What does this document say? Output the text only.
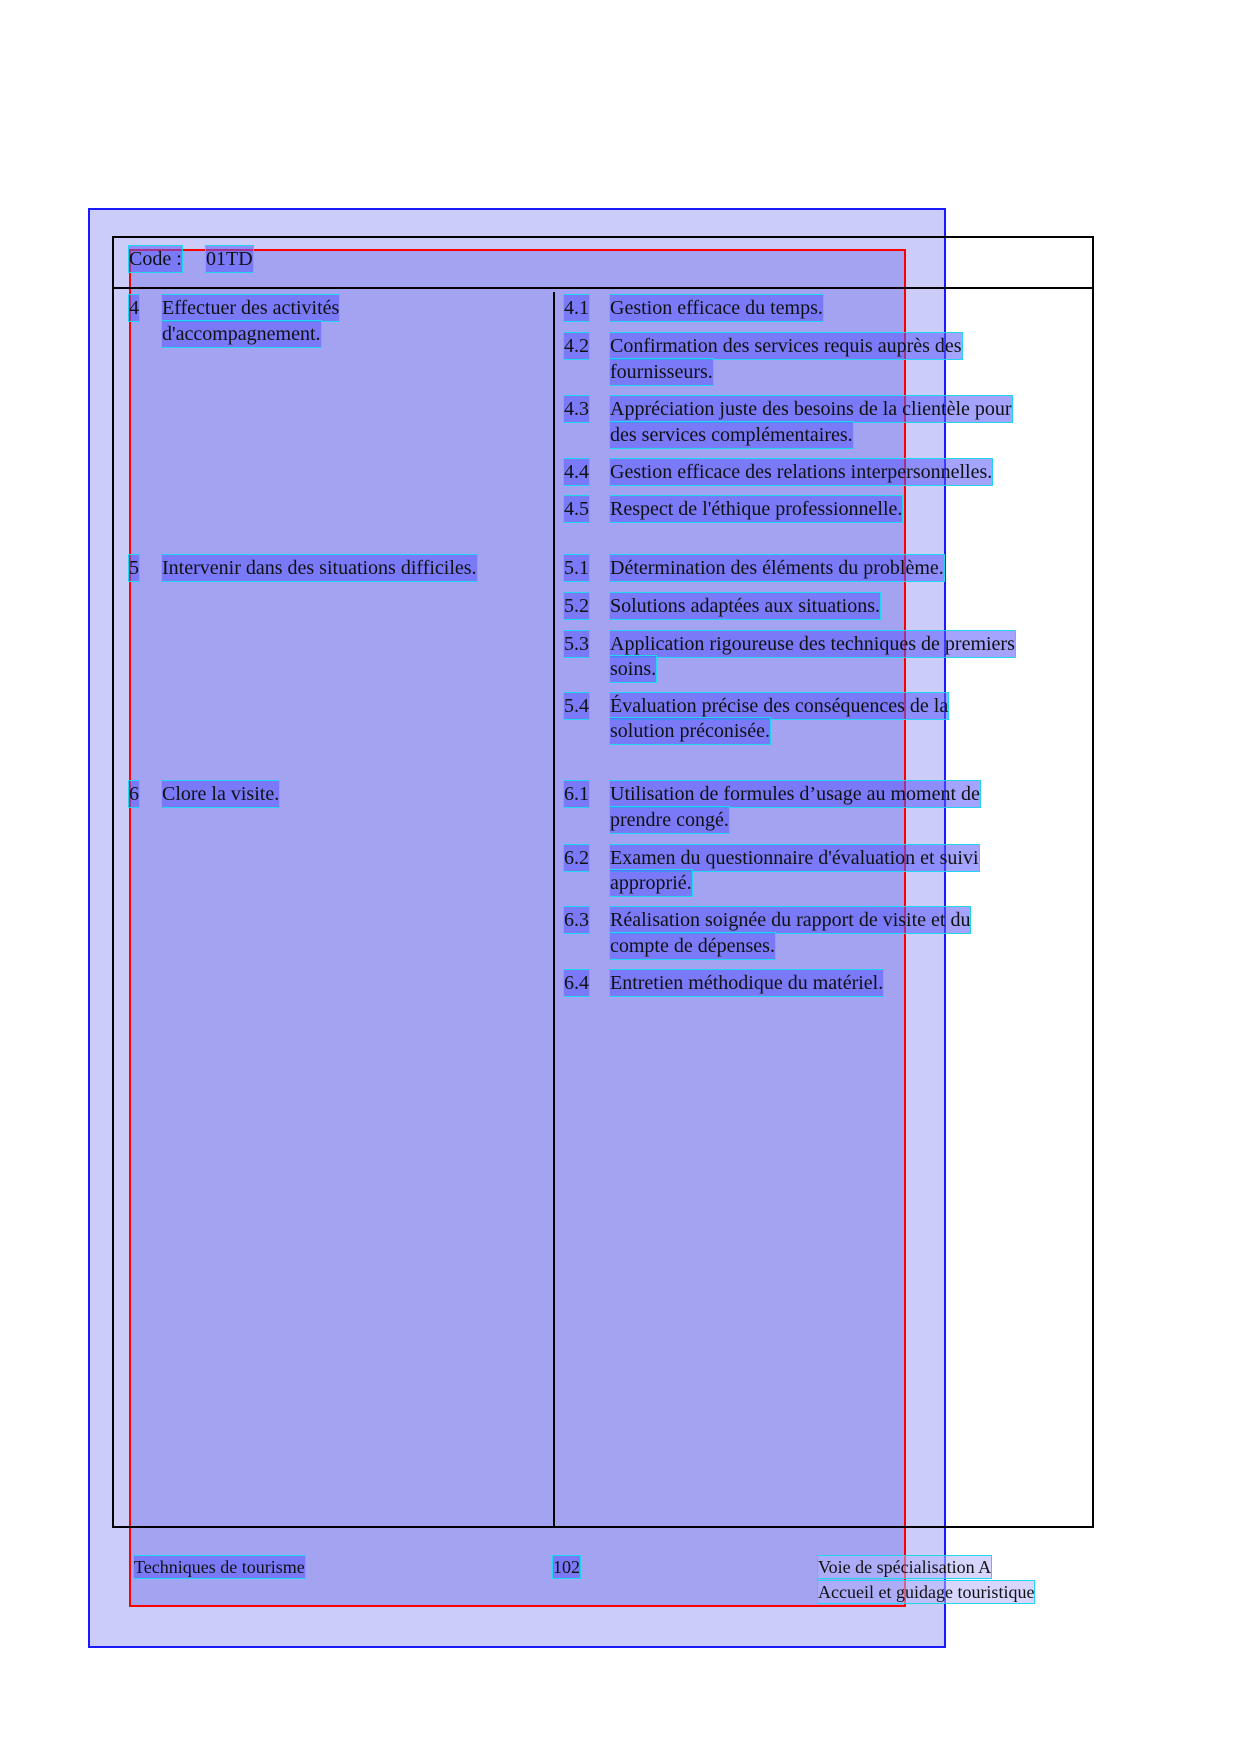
Code : 01TD
4 Effectuer des activités
d'accompagnement.
5 Intervenir dans des situations difficiles.
6 Clore la visite.
4.1 Gestion efficace du temps.
4.2 Confirmation des services requis auprès des
fournisseurs.
4.3 Appréciation juste des besoins de la clientèle pour
des services complémentaires.
4.4 Gestion efficace des relations interpersonnelles.
4.5 Respect de l'éthique professionnelle.
5.1 Détermination des éléments du problème.
5.2 Solutions adaptées aux situations.
5.3 Application rigoureuse des techniques de premiers
soins.
5.4 Évaluation précise des conséquences de la
solution préconisée.
6.1 Utilisation de formules d’usage au moment de
prendre congé.
6.2 Examen du questionnaire d'évaluation et suivi
approprié.
6.3 Réalisation soignée du rapport de visite et du
compte de dépenses.
6.4 Entretien méthodique du matériel.
Techniques de tourisme	102	Voie de spécialisation A
Accueil et guidage touristique
